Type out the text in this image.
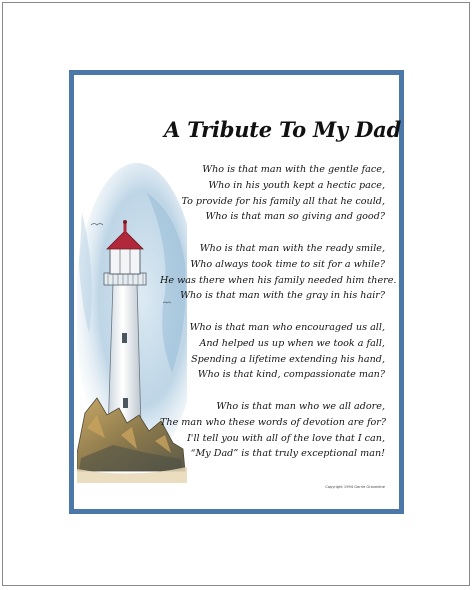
A Tribute To My Dad
Who is that man with the gentle face,
Who in his youth kept a hectic pace,
To provide for his family all that he could,
Who is that man so giving and good?
Who is that man with the ready smile,
Who always took time to sit for a while?
He was there when his family needed him there.
Who is that man with the gray in his hair?
Who is that man who encouraged us all,
And helped us up when we took a fall,
Spending a lifetime extending his hand,
Who is that kind, compassionate man?
Who is that man who we all adore,
The man who these words of devotion are for?
I'll tell you with all of the love that I can,
“My Dad” is that truly exceptional man!
Copyright 1994 Gorrie Gravedine
